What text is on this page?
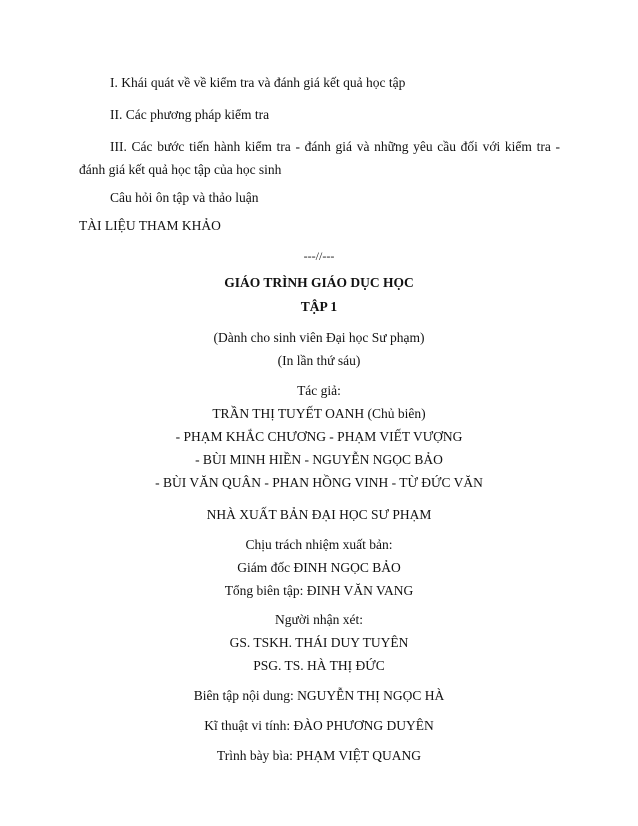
I. Khái quát về về kiểm tra và đánh giá kết quả học tập
II. Các phương pháp kiểm tra
III. Các bước tiến hành kiểm tra - đánh giá và những yêu cầu đối với kiểm tra -
đánh giá kết quả học tập của học sinh
Câu hỏi ôn tập và thảo luận
TÀI LIỆU THAM KHẢO
---//---
GIÁO TRÌNH GIÁO DỤC HỌC
TẬP 1
(Dành cho sinh viên Đại học Sư phạm)
(In lần thứ sáu)
Tác giả:
TRẦN THỊ TUYẾT OANH (Chủ biên)
- PHẠM KHẮC CHƯƠNG - PHẠM VIẾT VƯỢNG
- BÙI MINH HIỀN - NGUYỄN NGỌC BẢO
- BÙI VĂN QUÂN - PHAN HỒNG VINH - TỪ ĐỨC VĂN
NHÀ XUẤT BẢN ĐẠI HỌC SƯ PHẠM
Chịu trách nhiệm xuất bản:
Giám đốc ĐINH NGỌC BẢO
Tổng biên tập: ĐINH VĂN VANG
Người nhận xét:
GS. TSKH. THÁI DUY TUYÊN
PSG. TS. HÀ THỊ ĐỨC
Biên tập nội dung: NGUYỄN THỊ NGỌC HÀ
Kĩ thuật vi tính: ĐÀO PHƯƠNG DUYÊN
Trình bày bìa: PHẠM VIỆT QUANG
